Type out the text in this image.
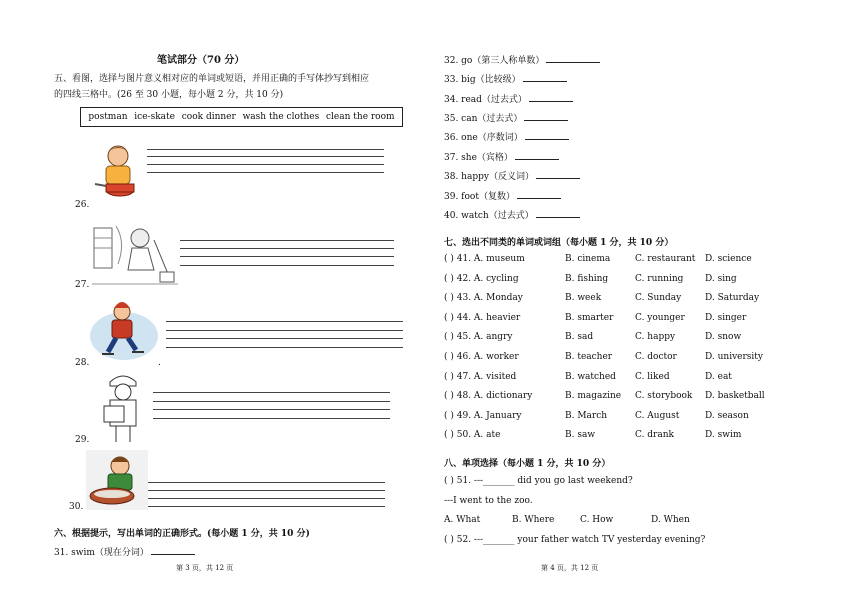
笔试部分（70 分）
五、看图，选择与图片意义相对应的单词或短语，并用正确的手写体抄写到相应
的四线三格中。(26 至 30 小题，每小题 2 分，共 10 分)
postman ice-skate cook dinner wash the clothes clean the room
26.
27.
28.	.
29.
30.
六、根据提示，写出单词的正确形式。(每小题 1 分，共 10 分)
31. swim（现在分词）
第 3 页，共 12 页
32. go（第三人称单数）
33. big（比较级）
34. read（过去式）
35. can（过去式）
36. one（序数词）
37. she（宾格）
38. happy（反义词）
39. foot（复数）
40. watch（过去式）
七、选出不同类的单词或词组（每小题 1 分，共 10 分）
( ) 41. A. museum	B. cinema	C. restaurant D. science
( ) 42. A. cycling	B. fishing	C. running D. sing
( ) 43. A. Monday	B. week	C. Sunday	D. Saturday
( ) 44. A. heavier	B. smarter C. younger D. singer
( ) 45. A. angry	B. sad	C. happy	D. snow
( ) 46. A. worker	B. teacher	C. doctor	D. university
( ) 47. A. visited	B. watched C. liked	D. eat
( ) 48. A. dictionary	B. magazine C. storybook D. basketball
( ) 49. A. January	B. March	C. August	D. season
( ) 50. A. ate	B. saw	C. drank	D. swim
八、单项选择（每小题 1 分，共 10 分）
( ) 51. ---_______ did you go last weekend?
---I went to the zoo.
A. What	B. Where	C. How	D. When
( ) 52. ---_______ your father watch TV yesterday evening?
第 4 页，共 12 页
